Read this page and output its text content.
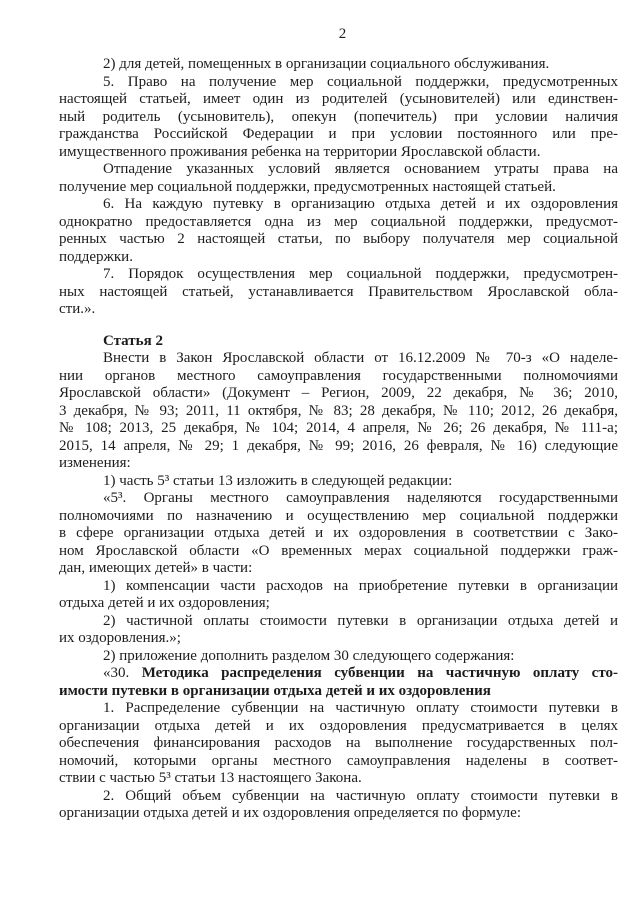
2
2) для детей, помещенных в организации социального обслуживания.
5. Право на получение мер социальной поддержки, предусмотренных
настоящей статьей, имеет один из родителей (усыновителей) или единствен-
ный родитель (усыновитель), опекун (попечитель) при условии наличия
гражданства Российской Федерации и при условии постоянного или пре-
имущественного проживания ребенка на территории Ярославской области.
Отпадение указанных условий является основанием утраты права на
получение мер социальной поддержки, предусмотренных настоящей статьей.
6. На каждую путевку в организацию отдыха детей и их оздоровления
однократно предоставляется одна из мер социальной поддержки, предусмот-
ренных частью 2 настоящей статьи, по выбору получателя мер социальной
поддержки.
7. Порядок осуществления мер социальной поддержки, предусмотрен-
ных настоящей статьей, устанавливается Правительством Ярославской обла-
сти.».
Статья 2
Внести в Закон Ярославской области от 16.12.2009 № 70-з «О наделе-
нии органов местного самоуправления государственными полномочиями
Ярославской области» (Документ – Регион, 2009, 22 декабря, № 36; 2010,
3 декабря, № 93; 2011, 11 октября, № 83; 28 декабря, № 110; 2012, 26 декабря,
№ 108; 2013, 25 декабря, № 104; 2014, 4 апреля, № 26; 26 декабря, № 111-а;
2015, 14 апреля, № 29; 1 декабря, № 99; 2016, 26 февраля, № 16) следующие
изменения:
1) часть 5³ статьи 13 изложить в следующей редакции:
«5³. Органы местного самоуправления наделяются государственными
полномочиями по назначению и осуществлению мер социальной поддержки
в сфере организации отдыха детей и их оздоровления в соответствии с Зако-
ном Ярославской области «О временных мерах социальной поддержки граж-
дан, имеющих детей» в части:
1) компенсации части расходов на приобретение путевки в организации
отдыха детей и их оздоровления;
2) частичной оплаты стоимости путевки в организации отдыха детей и
их оздоровления.»;
2) приложение дополнить разделом 30 следующего содержания:
«30. Методика распределения субвенции на частичную оплату сто-
имости путевки в организации отдыха детей и их оздоровления
1. Распределение субвенции на частичную оплату стоимости путевки в
организации отдыха детей и их оздоровления предусматривается в целях
обеспечения финансирования расходов на выполнение государственных пол-
номочий, которыми органы местного самоуправления наделены в соответ-
ствии с частью 5³ статьи 13 настоящего Закона.
2. Общий объем субвенции на частичную оплату стоимости путевки в
организации отдыха детей и их оздоровления определяется по формуле:
